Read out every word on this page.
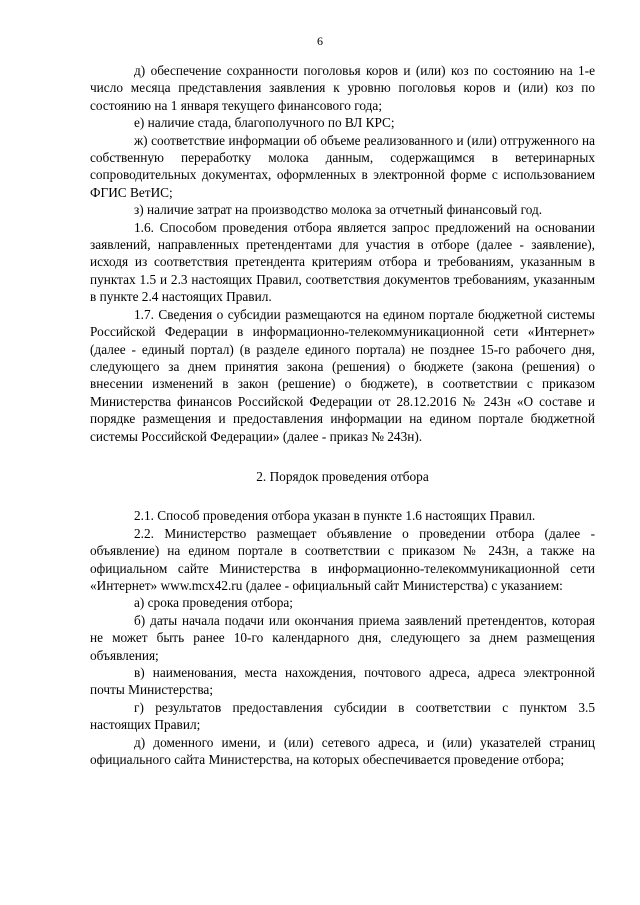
6

д) обеспечение сохранности поголовья коров и (или) коз по состоянию на 1-е число месяца представления заявления к уровню поголовья коров и (или) коз по состоянию на 1 января текущего финансового года;

е) наличие стада, благополучного по ВЛ КРС;

ж) соответствие информации об объеме реализованного и (или) отгруженного на собственную переработку молока данным, содержащимся в ветеринарных сопроводительных документах, оформленных в электронной форме с использованием ФГИС ВетИС;

з) наличие затрат на производство молока за отчетный финансовый год.

1.6. Способом проведения отбора является запрос предложений на основании заявлений, направленных претендентами для участия в отборе (далее - заявление), исходя из соответствия претендента критериям отбора и требованиям, указанным в пунктах 1.5 и 2.3 настоящих Правил, соответствия документов требованиям, указанным в пункте 2.4 настоящих Правил.

1.7. Сведения о субсидии размещаются на едином портале бюджетной системы Российской Федерации в информационно-телекоммуникационной сети «Интернет» (далее - единый портал) (в разделе единого портала) не позднее 15-го рабочего дня, следующего за днем принятия закона (решения) о бюджете (закона (решения) о внесении изменений в закон (решение) о бюджете), в соответствии с приказом Министерства финансов Российской Федерации от 28.12.2016 № 243н «О составе и порядке размещения и предоставления информации на едином портале бюджетной системы Российской Федерации» (далее - приказ № 243н).

2. Порядок проведения отбора

2.1. Способ проведения отбора указан в пункте 1.6 настоящих Правил.

2.2. Министерство размещает объявление о проведении отбора (далее - объявление) на едином портале в соответствии с приказом № 243н, а также на официальном сайте Министерства в информационно-телекоммуникационной сети «Интернет» www.mcx42.ru (далее - официальный сайт Министерства) с указанием:

а) срока проведения отбора;

б) даты начала подачи или окончания приема заявлений претендентов, которая не может быть ранее 10-го календарного дня, следующего за днем размещения объявления;

в) наименования, места нахождения, почтового адреса, адреса электронной почты Министерства;

г) результатов предоставления субсидии в соответствии с пунктом 3.5 настоящих Правил;

д) доменного имени, и (или) сетевого адреса, и (или) указателей страниц официального сайта Министерства, на которых обеспечивается проведение отбора;
